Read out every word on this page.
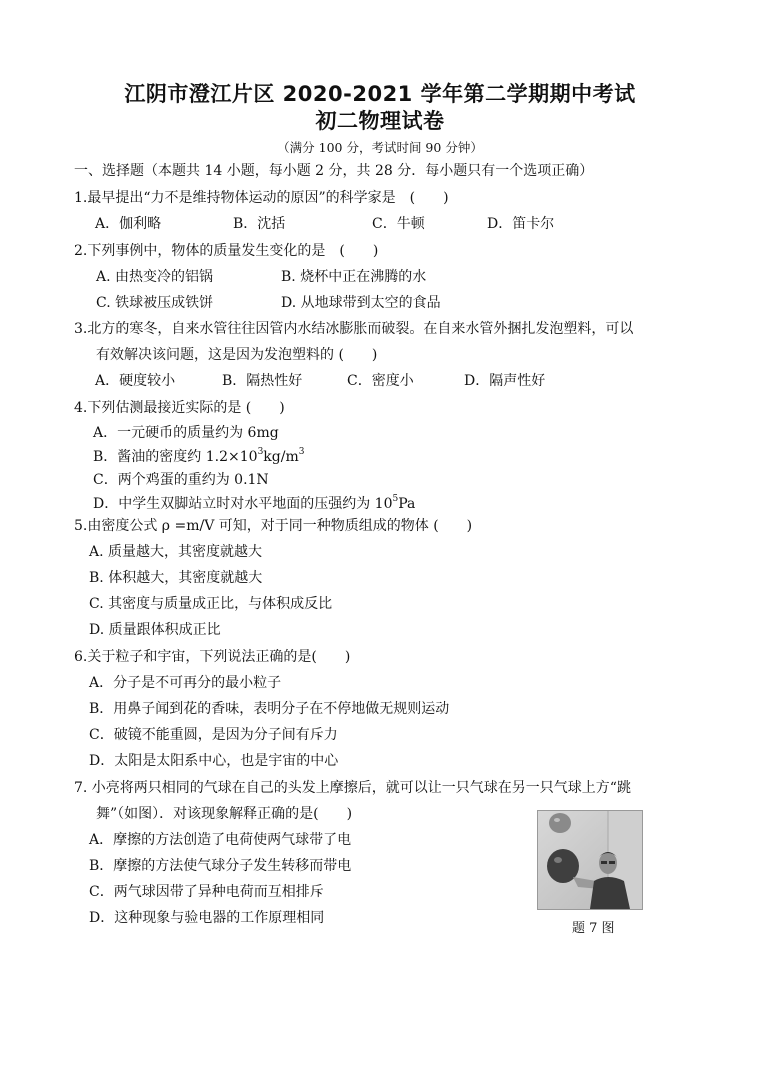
江阴市澄江片区 2020-2021 学年第二学期期中考试
初二物理试卷
（满分 100 分，考试时间 90 分钟）
一、选择题（本题共 14 小题，每小题 2 分，共 28 分．每小题只有一个选项正确）
1.最早提出“力不是维持物体运动的原因”的科学家是　(　　)
A．伽利略	B．沈括	C．牛顿	D．笛卡尔
2.下列事例中，物体的质量发生变化的是　(　　)
A. 由热变冷的铝锅	B. 烧杯中正在沸腾的水
C. 铁球被压成铁饼	D. 从地球带到太空的食品
3.北方的寒冬，自来水管往往因管内水结冰膨胀而破裂。在自来水管外捆扎发泡塑料，可以
有效解决该问题，这是因为发泡塑料的 (　　)
A．硬度较小	B．隔热性好	C．密度小	D．隔声性好
4.下列估测最接近实际的是 (　　)
A．一元硬币的质量约为 6mg
B．酱油的密度约 $1.2\times 10^3kg/m^3$
C．两个鸡蛋的重约为 0.1N
D．中学生双脚站立时对水平地面的压强约为 $10^5Pa$
5.由密度公式 ρ =m/V 可知，对于同一种物质组成的物体 (　　)
A. 质量越大，其密度就越大
B. 体积越大，其密度就越大
C. 其密度与质量成正比，与体积成反比
D. 质量跟体积成正比
6.关于粒子和宇宙，下列说法正确的是(　　)
A．分子是不可再分的最小粒子
B．用鼻子闻到花的香味，表明分子在不停地做无规则运动
C．破镜不能重圆，是因为分子间有斥力
D．太阳是太阳系中心，也是宇宙的中心
7. 小亮将两只相同的气球在自己的头发上摩擦后，就可以让一只气球在另一只气球上方“跳
舞”（如图）．对该现象解释正确的是(　　)
A．摩擦的方法创造了电荷使两气球带了电
B．摩擦的方法使气球分子发生转移而带电
C．两气球因带了异种电荷而互相排斥
D．这种现象与验电器的工作原理相同
题 7 图
